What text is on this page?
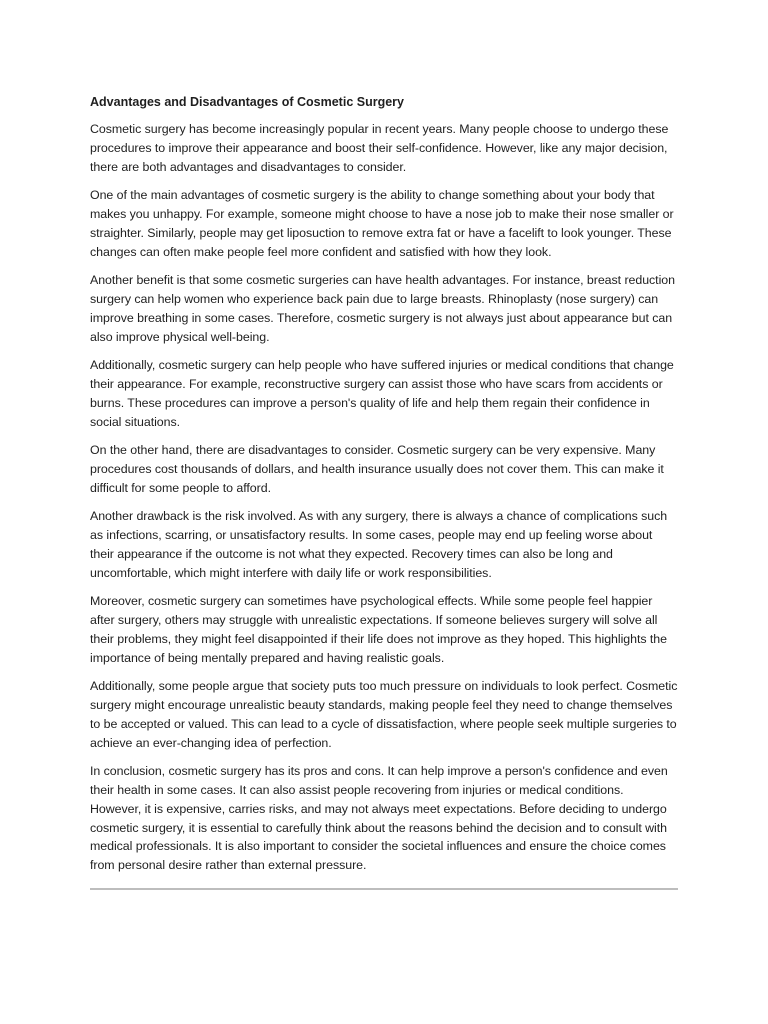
Advantages and Disadvantages of Cosmetic Surgery

Cosmetic surgery has become increasingly popular in recent years. Many people choose to undergo these procedures to improve their appearance and boost their self-confidence. However, like any major decision, there are both advantages and disadvantages to consider.

One of the main advantages of cosmetic surgery is the ability to change something about your body that makes you unhappy. For example, someone might choose to have a nose job to make their nose smaller or straighter. Similarly, people may get liposuction to remove extra fat or have a facelift to look younger. These changes can often make people feel more confident and satisfied with how they look.

Another benefit is that some cosmetic surgeries can have health advantages. For instance, breast reduction surgery can help women who experience back pain due to large breasts. Rhinoplasty (nose surgery) can improve breathing in some cases. Therefore, cosmetic surgery is not always just about appearance but can also improve physical well-being.

Additionally, cosmetic surgery can help people who have suffered injuries or medical conditions that change their appearance. For example, reconstructive surgery can assist those who have scars from accidents or burns. These procedures can improve a person's quality of life and help them regain their confidence in social situations.

On the other hand, there are disadvantages to consider. Cosmetic surgery can be very expensive. Many procedures cost thousands of dollars, and health insurance usually does not cover them. This can make it difficult for some people to afford.

Another drawback is the risk involved. As with any surgery, there is always a chance of complications such as infections, scarring, or unsatisfactory results. In some cases, people may end up feeling worse about their appearance if the outcome is not what they expected. Recovery times can also be long and uncomfortable, which might interfere with daily life or work responsibilities.

Moreover, cosmetic surgery can sometimes have psychological effects. While some people feel happier after surgery, others may struggle with unrealistic expectations. If someone believes surgery will solve all their problems, they might feel disappointed if their life does not improve as they hoped. This highlights the importance of being mentally prepared and having realistic goals.

Additionally, some people argue that society puts too much pressure on individuals to look perfect. Cosmetic surgery might encourage unrealistic beauty standards, making people feel they need to change themselves to be accepted or valued. This can lead to a cycle of dissatisfaction, where people seek multiple surgeries to achieve an ever-changing idea of perfection.

In conclusion, cosmetic surgery has its pros and cons. It can help improve a person's confidence and even their health in some cases. It can also assist people recovering from injuries or medical conditions. However, it is expensive, carries risks, and may not always meet expectations. Before deciding to undergo cosmetic surgery, it is essential to carefully think about the reasons behind the decision and to consult with medical professionals. It is also important to consider the societal influences and ensure the choice comes from personal desire rather than external pressure.
